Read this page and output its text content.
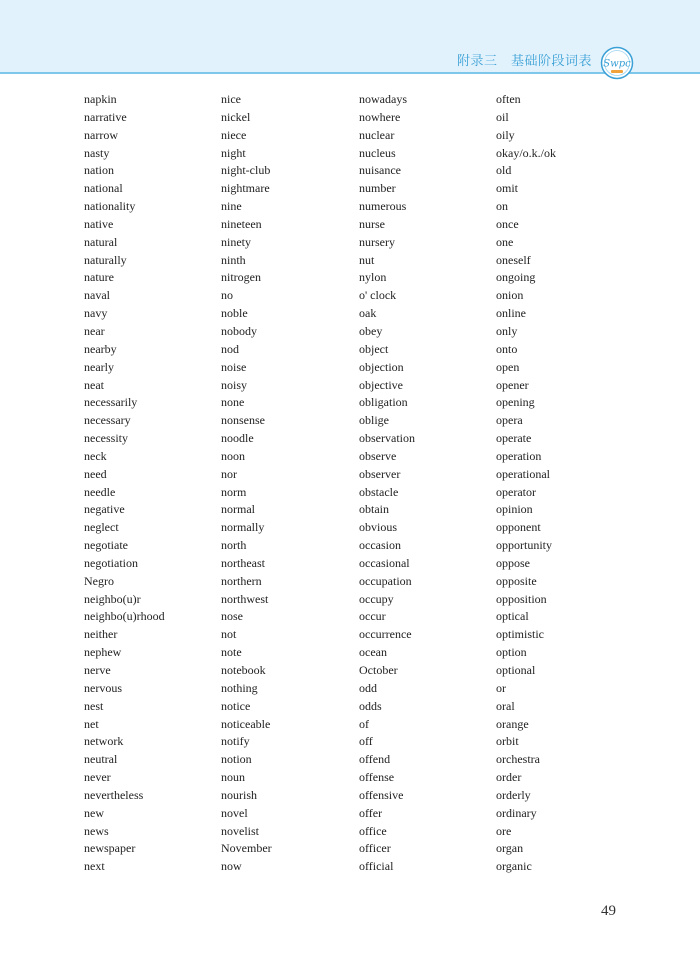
附录三　基础阶段词表 Swpc
napkin
narrative
narrow
nasty
nation
national
nationality
native
natural
naturally
nature
naval
navy
near
nearby
nearly
neat
necessarily
necessary
necessity
neck
need
needle
negative
neglect
negotiate
negotiation
Negro
neighbo(u)r
neighbo(u)rhood
neither
nephew
nerve
nervous
nest
net
network
neutral
never
nevertheless
new
news
newspaper
next
nice
nickel
niece
night
night-club
nightmare
nine
nineteen
ninety
ninth
nitrogen
no
noble
nobody
nod
noise
noisy
none
nonsense
noodle
noon
nor
norm
normal
normally
north
northeast
northern
northwest
nose
not
note
notebook
nothing
notice
noticeable
notify
notion
noun
nourish
novel
novelist
November
now
nowadays
nowhere
nuclear
nucleus
nuisance
number
numerous
nurse
nursery
nut
nylon
o' clock
oak
obey
object
objection
objective
obligation
oblige
observation
observe
observer
obstacle
obtain
obvious
occasion
occasional
occupation
occupy
occur
occurrence
ocean
October
odd
odds
of
off
offend
offense
offensive
offer
office
officer
official
often
oil
oily
okay/o.k./ok
old
omit
on
once
one
oneself
ongoing
onion
online
only
onto
open
opener
opening
opera
operate
operation
operational
operator
opinion
opponent
opportunity
oppose
opposite
opposition
optical
optimistic
option
optional
or
oral
orange
orbit
orchestra
order
orderly
ordinary
ore
organ
organic
49
